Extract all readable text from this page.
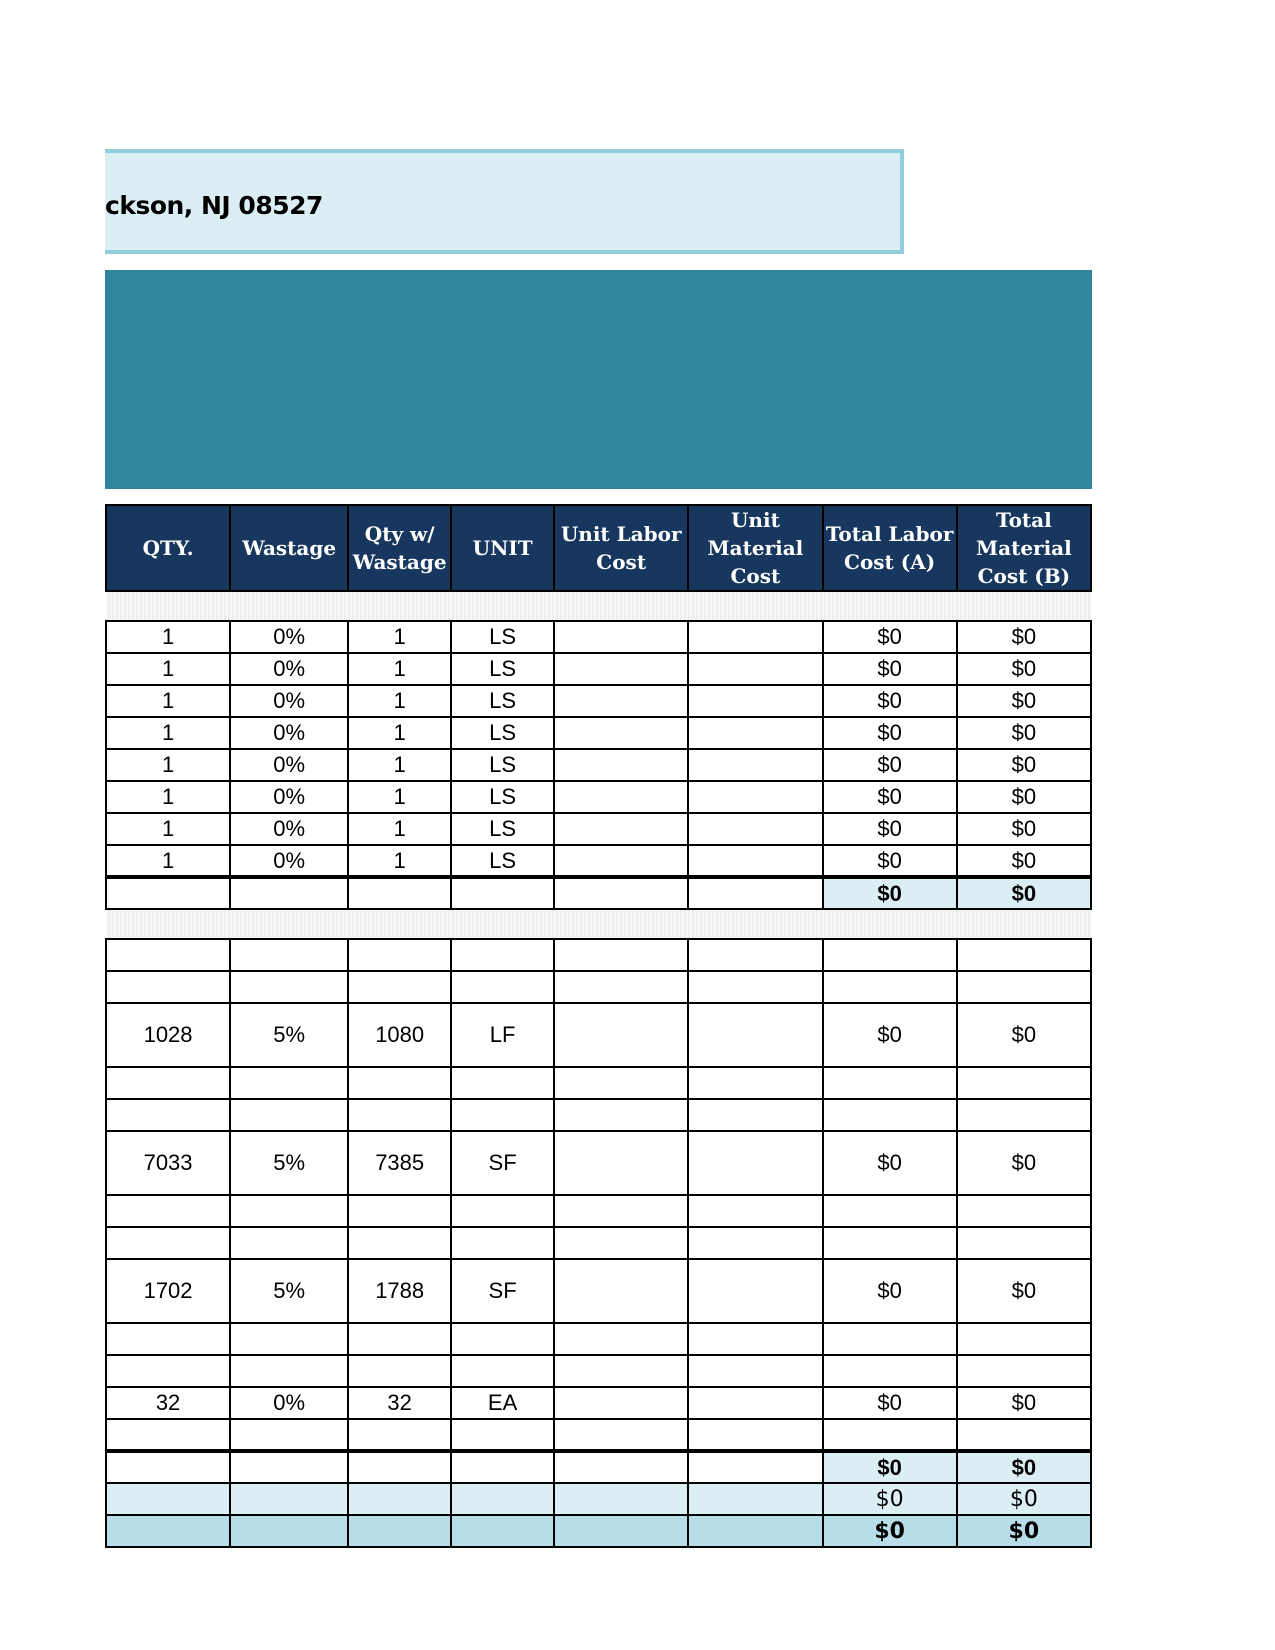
ckson, NJ 08527
QTY.	Wastage	Qty w/ Wastage	UNIT	Unit Labor Cost	Unit Material Cost	Total Labor Cost (A)	Total Material Cost (B)

1	0%	1	LS			$0	$0
1	0%	1	LS			$0	$0
1	0%	1	LS			$0	$0
1	0%	1	LS			$0	$0
1	0%	1	LS			$0	$0
1	0%	1	LS			$0	$0
1	0%	1	LS			$0	$0
1	0%	1	LS			$0	$0
						$0	$0

1028	5%	1080	LF			$0	$0

7033	5%	7385	SF			$0	$0

1702	5%	1788	SF			$0	$0

32	0%	32	EA			$0	$0

						$0	$0
						$0	$0
						$0	$0
